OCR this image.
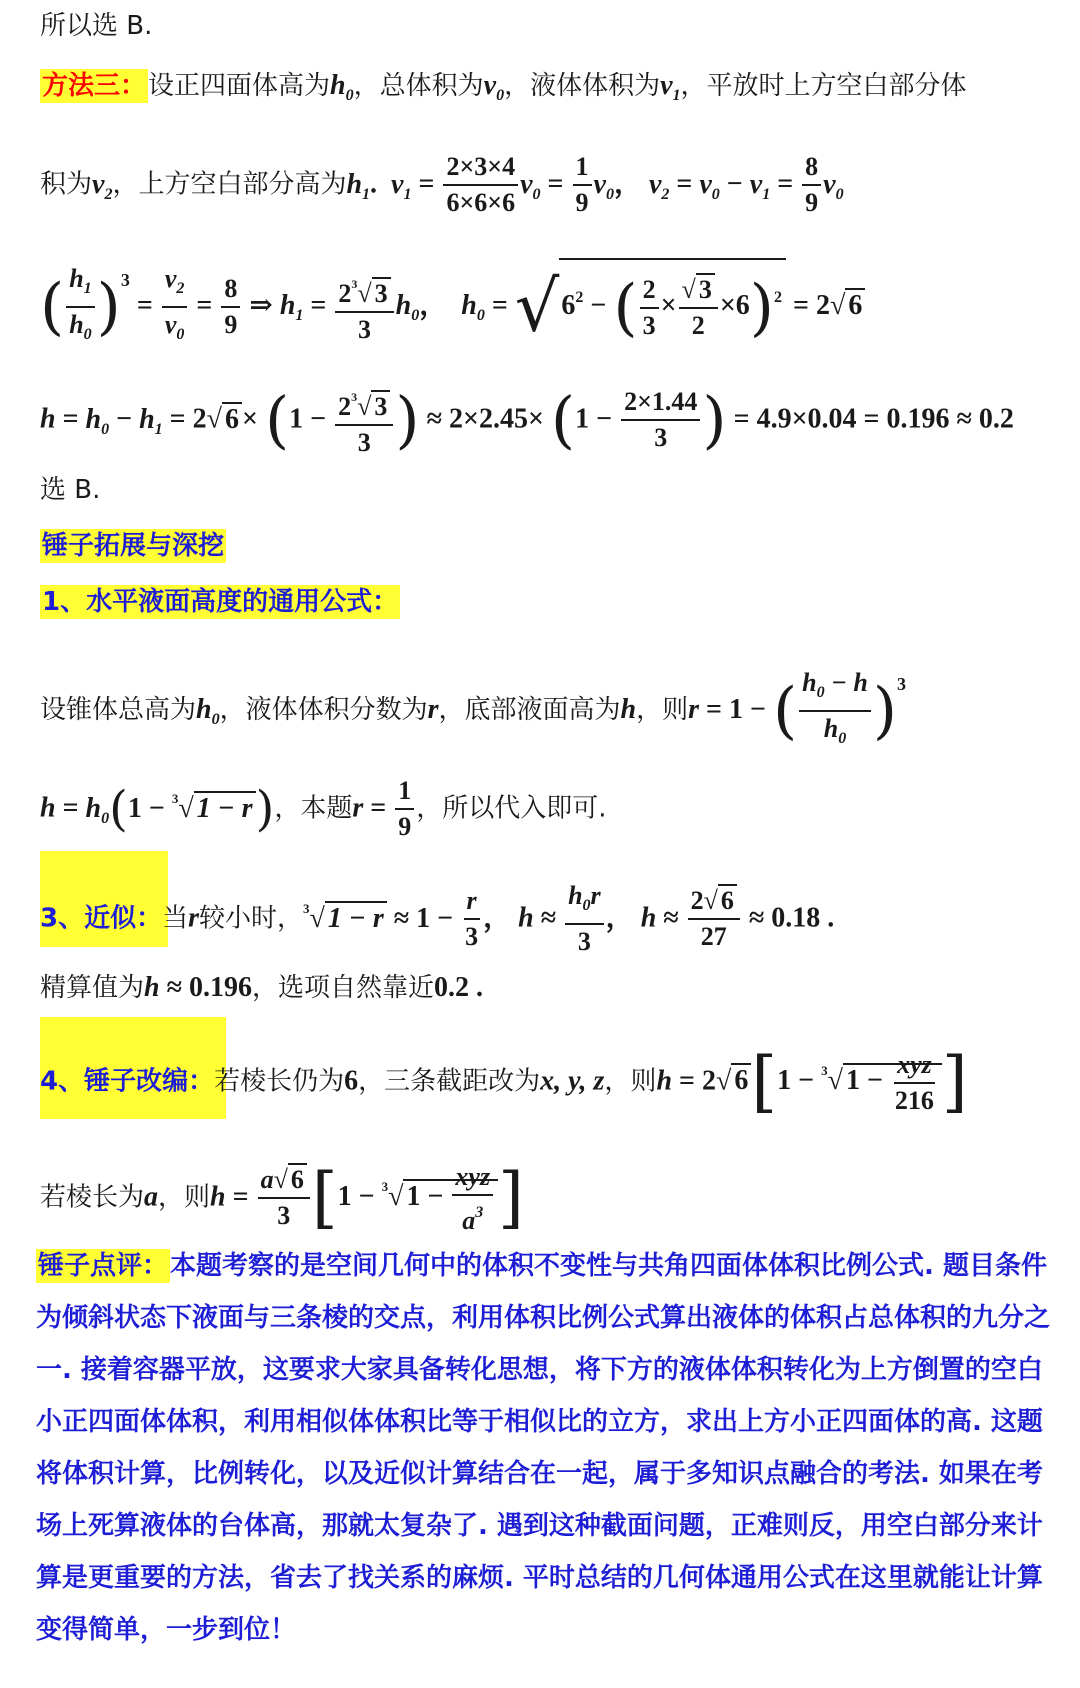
所以选 B.
方法三：设正四面体高为$h_0$，总体积为$v_0$，液体体积为$v_1$，平放时上方空白部分体
积为$v_2$，上方空白部分高为$h_1$.  $v_1 = \frac{2\times 3\times 4}{6\times 6\times 6} v_0 = \frac{1}{9} v_0$， $v_2 = v_0 - v_1 = \frac{8}{9} v_0$
( $\frac{h_1}{h_0} )^3 = \frac{v_2}{v_0} = \frac{8}{9}$ ⇒ $h_1 = \frac{2^3√ 3}{3} h_0$，  $h_0 = √6^2$ − ( $\frac{2}{3} \times \frac{√ 3}{2} \times 6)^2 = 2√$ 6
$h = h_0 - h_1 = 2√$ $6 \times (1 - \frac{2^3√ 3}{3}$ ) ≈ $2\times 2.45\times (1 - \frac{2\times 1.44}{3}$ ) = 4.9×0.04 = 0.196 ≈ 0.2
选 B.
锤子拓展与深挖
1、水平液面高度的通用公式：
设锥体总高为$h_0$，液体体积分数为r，底部液面高为h，则r = 1 − ( $\frac{h_0 - h}{h_0} )^3$
$h = h_0(1 - ^3√$ 1 − r)，本题$r = \frac{1}{9}$ ，所以代入即可.
3、近似：当r较小时，$^3$√ $1 - r \approx 1 - \frac{r}{3}$ ， $h \approx \frac{h_0r}{3}$ ， $h \approx \frac{2√ 6}{27} \approx 0.18$ .
精算值为h ≈ 0.196，选项自然靠近0.2 .
4、锤子改编：若棱长仍为6，三条截距改为x, y, z，则h = 2√ 6[1 − $^3$√ $1 - \frac{\text{xyz}}{216}$ ]
若棱长为a，则$h = \frac{a√ 6}{3} [1 - ^3√$ $1 - \frac{\text{xyz}}{a^3}$ ]
锤子点评：本题考察的是空间几何中的体积不变性与共角四面体体积比例公式. 题目条件为倾斜状态下液面与三条棱的交点，利用体积比例公式算出液体的体积占总体积的九分之一. 接着容器平放，这要求大家具备转化思想，将下方的液体体积转化为上方倒置的空白小正四面体体积，利用相似体体积比等于相似比的立方，求出上方小正四面体的高. 这题将体积计算，比例转化，以及近似计算结合在一起，属于多知识点融合的考法. 如果在考场上死算液体的台体高，那就太复杂了. 遇到这种截面问题，正难则反，用空白部分来计算是更重要的方法，省去了找关系的麻烦. 平时总结的几何体通用公式在这里就能让计算变得简单，一步到位！
